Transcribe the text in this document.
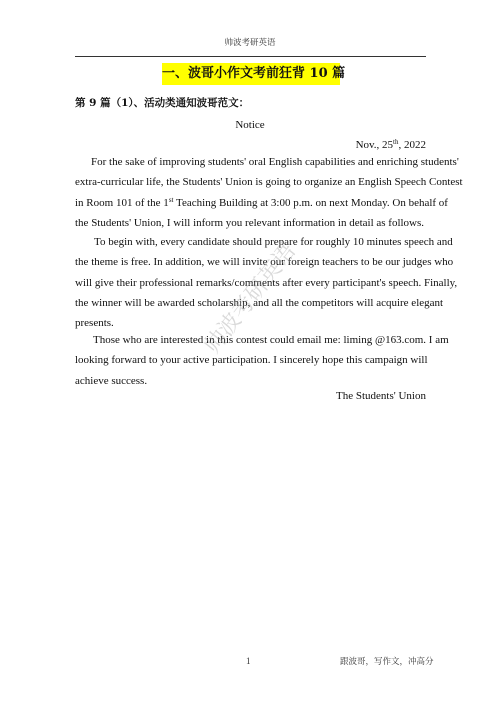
帅波考研英语
一、波哥小作文考前狂背 10 篇
第 9 篇（1）、活动类通知波哥范文：
Notice
Nov., 25th, 2022
For the sake of improving students' oral English capabilities and enriching students'
extra-curricular life, the Students' Union is going to organize an English Speech Contest
in Room 101 of the 1st Teaching Building at 3:00 p.m. on next Monday. On behalf of
the Students' Union, I will inform you relevant information in detail as follows.
To begin with, every candidate should prepare for roughly 10 minutes speech and
the theme is free. In addition, we will invite our foreign teachers to be our judges who
will give their professional remarks/comments after every participant's speech. Finally,
the winner will be awarded scholarship, and all the competitors will acquire elegant
presents.
Those who are interested in this contest could email me: liming @163.com. I am
looking forward to your active participation. I sincerely hope this campaign will
achieve success.
The Students' Union
帅波考研英语
1	跟波哥，写作文，冲高分
